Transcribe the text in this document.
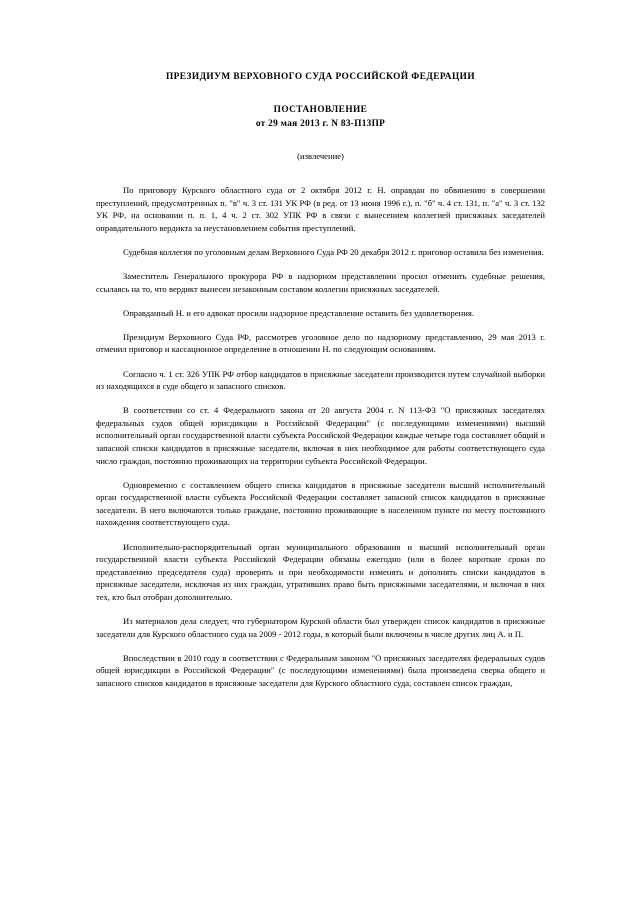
ПРЕЗИДИУМ ВЕРХОВНОГО СУДА РОССИЙСКОЙ ФЕДЕРАЦИИ
ПОСТАНОВЛЕНИЕ
от 29 мая 2013 г. N 83-П13ПР
(извлечение)

По приговору Курского областного суда от 2 октября 2012 г. Н. оправдан по обвинению в совершении преступлений, предусмотренных п. "в" ч. 3 ст. 131 УК РФ (в ред. от 13 июня 1996 г.), п. "б" ч. 4 ст. 131, п. "а" ч. 3 ст. 132 УК РФ, на основании п. п. 1, 4 ч. 2 ст. 302 УПК РФ в связи с вынесением коллегией присяжных заседателей оправдательного вердикта за неустановлением события преступлений.

Судебная коллегия по уголовным делам Верховного Суда РФ 20 декабря 2012 г. приговор оставила без изменения.

Заместитель Генерального прокурора РФ в надзорном представлении просил отменить судебные решения, ссылаясь на то, что вердикт вынесен незаконным составом коллегии присяжных заседателей.

Оправданный Н. и его адвокат просили надзорное представление оставить без удовлетворения.

Президиум Верховного Суда РФ, рассмотрев уголовное дело по надзорному представлению, 29 мая 2013 г. отменил приговор и кассационное определение в отношении Н. по следующим основаниям.

Согласно ч. 1 ст. 326 УПК РФ отбор кандидатов в присяжные заседатели производится путем случайной выборки из находящихся в суде общего и запасного списков.

В соответствии со ст. 4 Федерального закона от 20 августа 2004 г. N 113-ФЗ "О присяжных заседателях федеральных судов общей юрисдикции в Российской Федерации" (с последующими изменениями) высший исполнительный орган государственной власти субъекта Российской Федерации каждые четыре года составляет общий и запасной списки кандидатов в присяжные заседатели, включая в них необходимое для работы соответствующего суда число граждан, постоянно проживающих на территории субъекта Российской Федерации.

Одновременно с составлением общего списка кандидатов в присяжные заседатели высший исполнительный орган государственной власти субъекта Российской Федерации составляет запасной список кандидатов в присяжные заседатели. В него включаются только граждане, постоянно проживающие в населенном пункте по месту постоянного нахождения соответствующего суда.

Исполнительно-распорядительный орган муниципального образования и высший исполнительный орган государственной власти субъекта Российской Федерации обязаны ежегодно (или в более короткие сроки по представлению председателя суда) проверять и при необходимости изменять и дополнять списки кандидатов в присяжные заседатели, исключая из них граждан, утративших право быть присяжными заседателями, и включая в них тех, кто был отобран дополнительно.

Из материалов дела следует, что губернатором Курской области был утвержден список кандидатов в присяжные заседатели для Курского областного суда на 2009 - 2012 годы, в который были включены в числе других лиц А. и П.

Впоследствии в 2010 году в соответствии с Федеральным законом "О присяжных заседателях федеральных судов общей юрисдикции в Российской Федерации" (с последующими изменениями) была произведена сверка общего и запасного списков кандидатов в присяжные заседатели для Курского областного суда, составлен список граждан,
